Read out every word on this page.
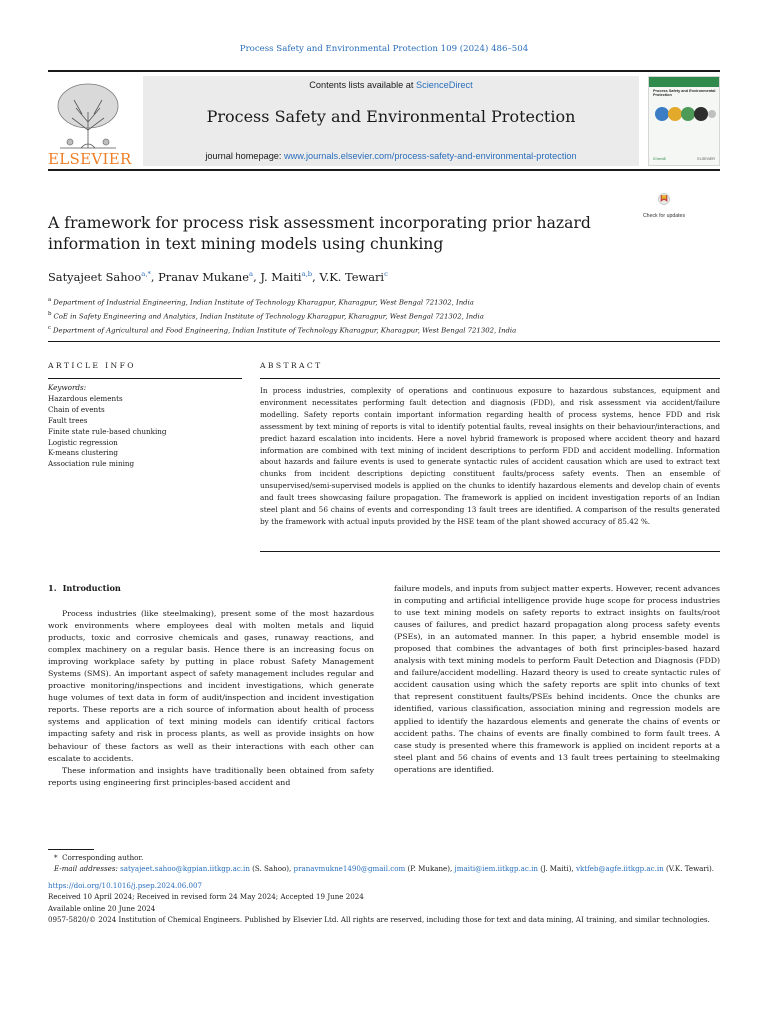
Process Safety and Environmental Protection 109 (2024) 486–504
ELSEVIER
Contents lists available at ScienceDirect
Process Safety and Environmental Protection
journal homepage: www.journals.elsevier.com/process-safety-and-environmental-protection
Process Safety and Environmental Protection
IChemE	ELSEVIER
Check for updates
A framework for process risk assessment incorporating prior hazard information in text mining models using chunking
Satyajeet Sahoo$^{a,*}$, Pranav Mukane$^a$, J. Maiti$^{a,b}$, V.K. Tewari$^c$
$^a$ Department of Industrial Engineering, Indian Institute of Technology Kharagpur, Kharagpur, West Bengal 721302, India
$^b$ CoE in Safety Engineering and Analytics, Indian Institute of Technology Kharagpur, Kharagpur, West Bengal 721302, India
$^c$ Department of Agricultural and Food Engineering, Indian Institute of Technology Kharagpur, Kharagpur, West Bengal 721302, India
ARTICLE INFO	ABSTRACT
Keywords:
Hazardous elements
Chain of events
Fault trees
Finite state rule-based chunking
Logistic regression
K-means clustering
Association rule mining

In process industries, complexity of operations and continuous exposure to hazardous substances, equipment and environment necessitates performing fault detection and diagnosis (FDD), and risk assessment via accident/failure modelling. Safety reports contain important information regarding health of process systems, hence FDD and risk assessment by text mining of reports is vital to identify potential faults, reveal insights on their behaviour/interactions, and predict hazard escalation into incidents. Here a novel hybrid framework is proposed where accident theory and hazard information are combined with text mining of incident descriptions to perform FDD and accident modelling. Information about hazards and failure events is used to generate syntactic rules of accident causation which are used to extract text chunks from incident descriptions depicting constituent faults/process safety events. Then an ensemble of unsupervised/semi-supervised models is applied on the chunks to identify hazardous elements and develop chain of events and fault trees showcasing failure propagation. The framework is applied on incident investigation reports of an Indian steel plant and 56 chains of events and corresponding 13 fault trees are identified. A comparison of the results generated by the framework with actual inputs provided by the HSE team of the plant showed accuracy of 85.42 %.

1. Introduction

Process industries (like steelmaking), present some of the most hazardous work environments where employees deal with molten metals and liquid products, toxic and corrosive chemicals and gases, runaway reactions, and complex machinery on a regular basis. Hence there is an increasing focus on improving workplace safety by putting in place robust Safety Management Systems (SMS). An important aspect of safety management includes regular and proactive monitoring/inspections and incident investigations, which generate huge volumes of text data in form of audit/inspection and incident investigation reports. These reports are a rich source of information about health of process systems and application of text mining models can identify critical factors impacting safety and risk in process plants, as well as provide insights on how behaviour of these factors as well as their interactions with each other can escalate to accidents.

These information and insights have traditionally been obtained from safety reports using engineering first principles-based accident and

failure models, and inputs from subject matter experts. However, recent advances in computing and artificial intelligence provide huge scope for process industries to use text mining models on safety reports to extract insights on faults/root causes of failures, and predict hazard propagation along process safety events (PSEs), in an automated manner. In this paper, a hybrid ensemble model is proposed that combines the advantages of both first principles-based hazard analysis with text mining models to perform Fault Detection and Diagnosis (FDD) and failure/accident modelling. Hazard theory is used to create syntactic rules of accident causation using which the safety reports are split into chunks of text that represent constituent faults/PSEs behind incidents. Once the chunks are identified, various classification, association mining and regression models are applied to identify the hazardous elements and generate the chains of events or accident paths. The chains of events are finally combined to form fault trees. A case study is presented where this framework is applied on incident reports at a steel plant and 56 chains of events and 13 fault trees pertaining to steelmaking operations are identified.

* Corresponding author.
E-mail addresses: satyajeet.sahoo@kgpian.iitkgp.ac.in (S. Sahoo), pranavmukne1490@gmail.com (P. Mukane), jmaiti@iem.iitkgp.ac.in (J. Maiti), vktfeb@agfe.iitkgp.ac.in (V.K. Tewari).
https://doi.org/10.1016/j.psep.2024.06.007
Received 10 April 2024; Received in revised form 24 May 2024; Accepted 19 June 2024
Available online 20 June 2024
0957-5820/© 2024 Institution of Chemical Engineers. Published by Elsevier Ltd. All rights are reserved, including those for text and data mining, AI training, and similar technologies.
